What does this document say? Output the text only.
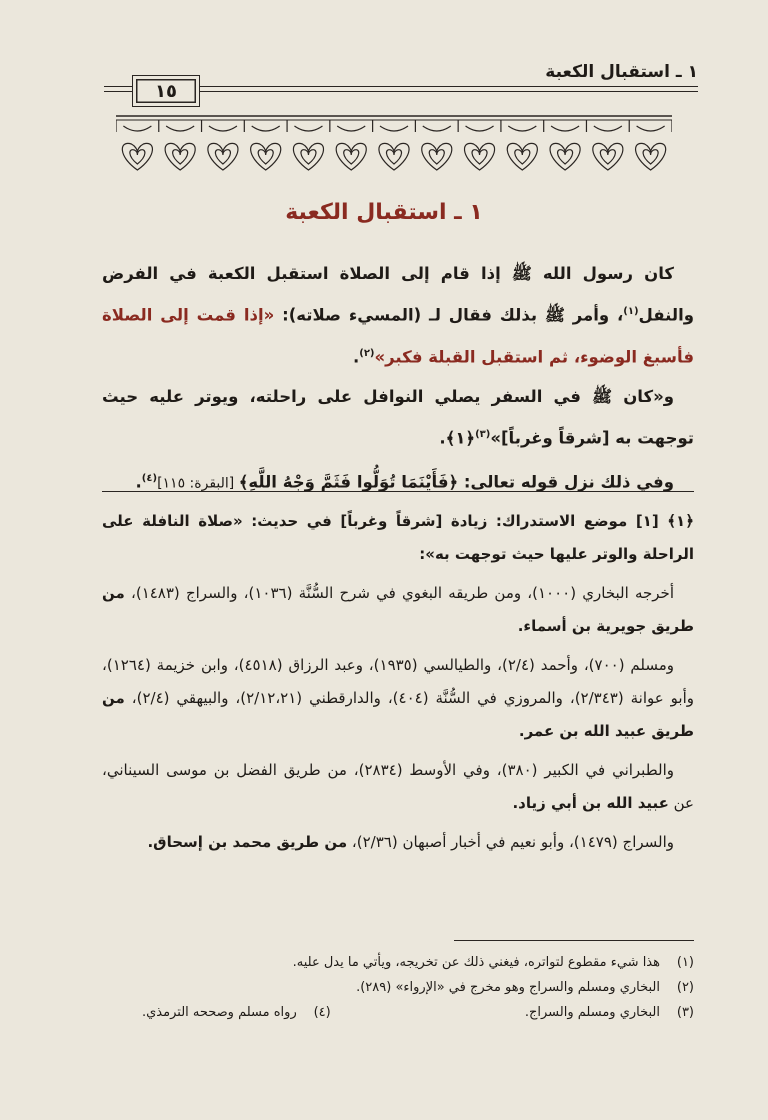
١ ـ استقبال الكعبة
١٥
١ ـ استقبال الكعبة

كان رسول الله ﷺ إذا قام إلى الصلاة استقبل الكعبة في الفرض والنفل$^{(١)}$، وأمر ﷺ بذلك فقال لـ (المسيء صلاته): «إذا قمت إلى الصلاة فأسبغ الوضوء، ثم استقبل القبلة فكبر»$^{(٢)}$.

و«كان ﷺ في السفر يصلي النوافل على راحلته، ويوتر عليه حيث توجهت به [شرقاً وغرباً]»$^{(٣)}$﴿١﴾.

وفي ذلك نزل قوله تعالى: ﴿فَأَيْنَمَا تُوَلُّوا فَثَمَّ وَجْهُ اللَّهِ﴾ [البقرة: ١١٥]$^{(٤)}$.

﴿١﴾ [١] موضع الاستدراك: زيادة [شرقاً وغرباً] في حديث: «صلاة النافلة على الراحلة والوتر عليها حيث توجهت به»:

أخرجه البخاري (١٠٠٠)، ومن طريقه البغوي في شرح السُّنَّة (١٠٣٦)، والسراج (١٤٨٣)، من طريق جويرية بن أسماء.

ومسلم (٧٠٠)، وأحمد (٢/٤)، والطيالسي (١٩٣٥)، وعبد الرزاق (٤٥١٨)، وابن خزيمة (١٢٦٤)، وأبو عوانة (٢/٣٤٣)، والمروزي في السُّنَّة (٤٠٤)، والدارقطني (٢/١٢،٢١)، والبيهقي (٢/٤)، من طريق عبيد الله بن عمر.

والطبراني في الكبير (٣٨٠)، وفي الأوسط (٢٨٣٤)، من طريق الفضل بن موسى السيناني، عن عبيد الله بن أبي زياد.

والسراج (١٤٧٩)، وأبو نعيم في أخبار أصبهان (٢/٣٦)، من طريق محمد بن إسحاق.

(١)
هذا شيء مقطوع لتواتره، فيغني ذلك عن تخريجه، ويأتي ما يدل عليه.
(٢)
البخاري ومسلم والسراج وهو مخرج في «الإرواء» (٢٨٩).
(٣)
البخاري ومسلم والسراج.
(٤)
رواه مسلم وصححه الترمذي.
